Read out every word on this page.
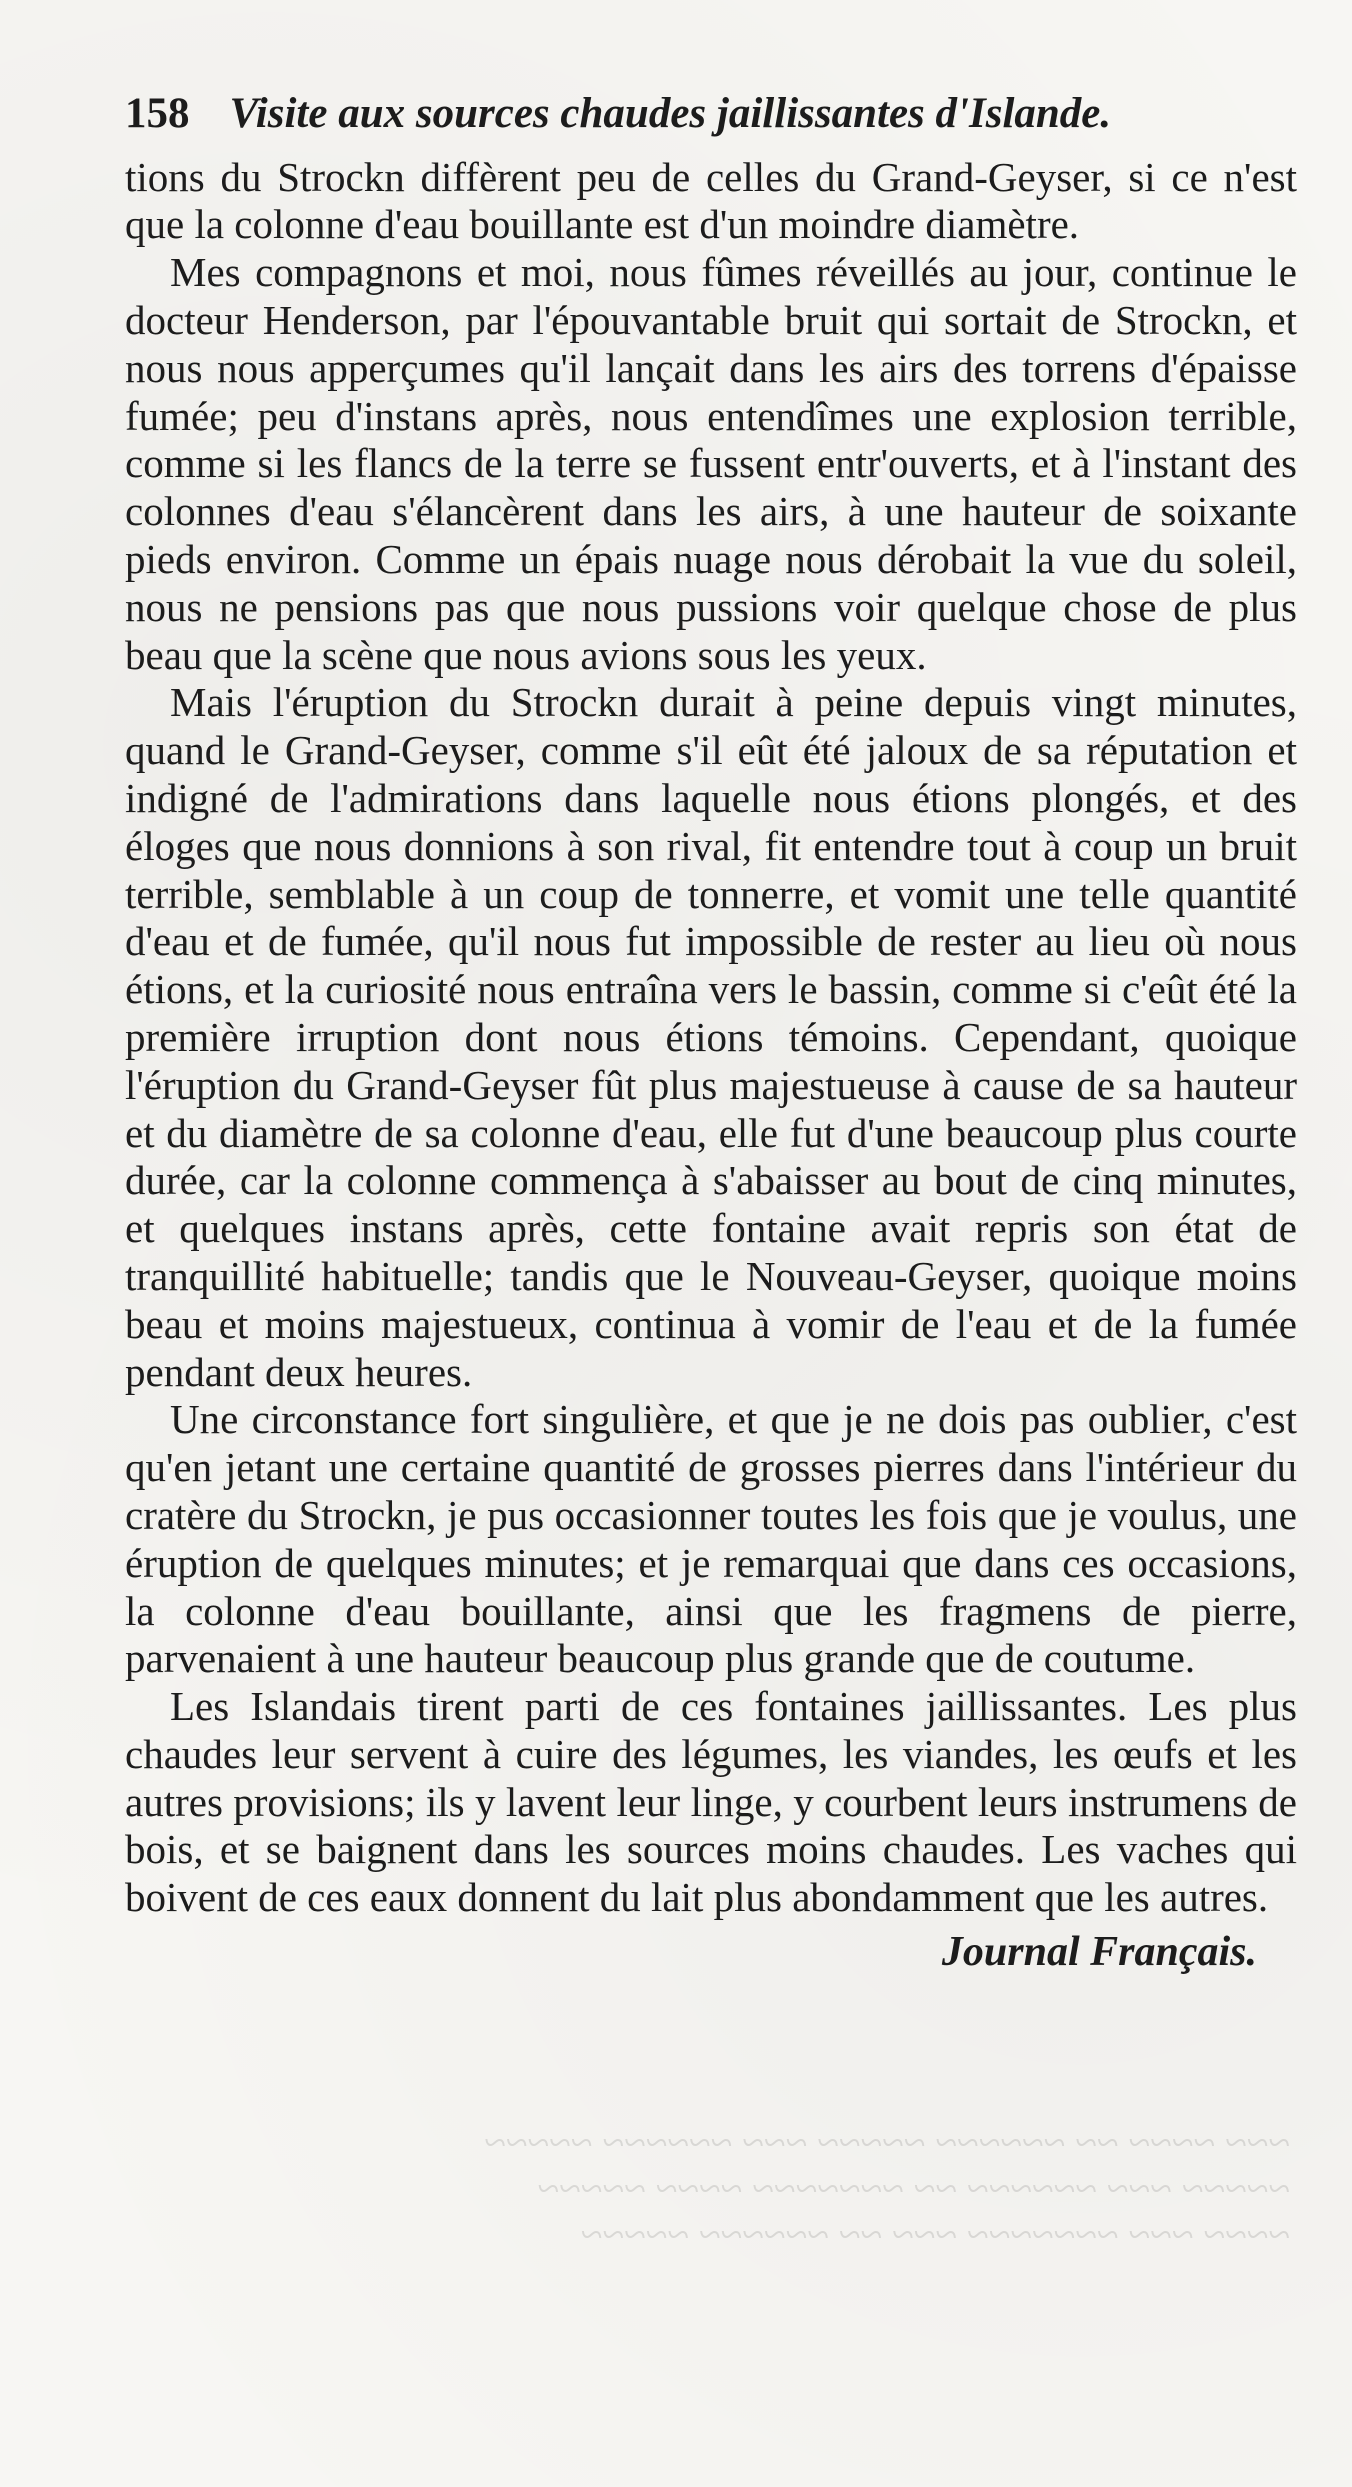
158 Visite aux sources chaudes jaillissantes d'Islande.

tions du Strockn diffèrent peu de celles du Grand-Geyser, si ce n'est que la colonne d'eau bouillante est d'un moindre diamètre.

Mes compagnons et moi, nous fûmes réveillés au jour, continue le docteur Henderson, par l'épouvantable bruit qui sortait de Strockn, et nous nous apperçumes qu'il lançait dans les airs des torrens d'épaisse fumée; peu d'instans après, nous entendîmes une explosion terrible, comme si les flancs de la terre se fussent entr'ouverts, et à l'instant des colonnes d'eau s'élancèrent dans les airs, à une hauteur de soixante pieds environ. Comme un épais nuage nous dérobait la vue du soleil, nous ne pensions pas que nous pussions voir quelque chose de plus beau que la scène que nous avions sous les yeux.

Mais l'éruption du Strockn durait à peine depuis vingt minutes, quand le Grand-Geyser, comme s'il eût été jaloux de sa réputation et indigné de l'admirations dans laquelle nous étions plongés, et des éloges que nous donnions à son rival, fit entendre tout à coup un bruit terrible, semblable à un coup de tonnerre, et vomit une telle quantité d'eau et de fumée, qu'il nous fut impossible de rester au lieu où nous étions, et la curiosité nous entraîna vers le bassin, comme si c'eût été la première irruption dont nous étions témoins. Cependant, quoique l'éruption du Grand-Geyser fût plus majestueuse à cause de sa hauteur et du diamètre de sa colonne d'eau, elle fut d'une beaucoup plus courte durée, car la colonne commença à s'abaisser au bout de cinq minutes, et quelques instans après, cette fontaine avait repris son état de tranquillité habituelle; tandis que le Nouveau-Geyser, quoique moins beau et moins majestueux, continua à vomir de l'eau et de la fumée pendant deux heures.

Une circonstance fort singulière, et que je ne dois pas oublier, c'est qu'en jetant une certaine quantité de grosses pierres dans l'intérieur du cratère du Strockn, je pus occasionner toutes les fois que je voulus, une éruption de quelques minutes; et je remarquai que dans ces occasions, la colonne d'eau bouillante, ainsi que les fragmens de pierre, parvenaient à une hauteur beaucoup plus grande que de coutume.

Les Islandais tirent parti de ces fontaines jaillissantes. Les plus chaudes leur servent à cuire des légumes, les viandes, les œufs et les autres provisions; ils y lavent leur linge, y courbent leurs instrumens de bois, et se baignent dans les sources moins chaudes. Les vaches qui boivent de ces eaux donnent du lait plus abondamment que les autres.

Journal Français.
~~~ ~~~~ ~~ ~~~~~~ ~~~~~ ~~~ ~~~~~~ ~~~~~
~~~~~ ~~~ ~~~~~~ ~~ ~~~~~~~ ~~~~ ~~~~~
~~~~ ~~~ ~~~~~~~ ~~~ ~~ ~~~~~~ ~~~~~
